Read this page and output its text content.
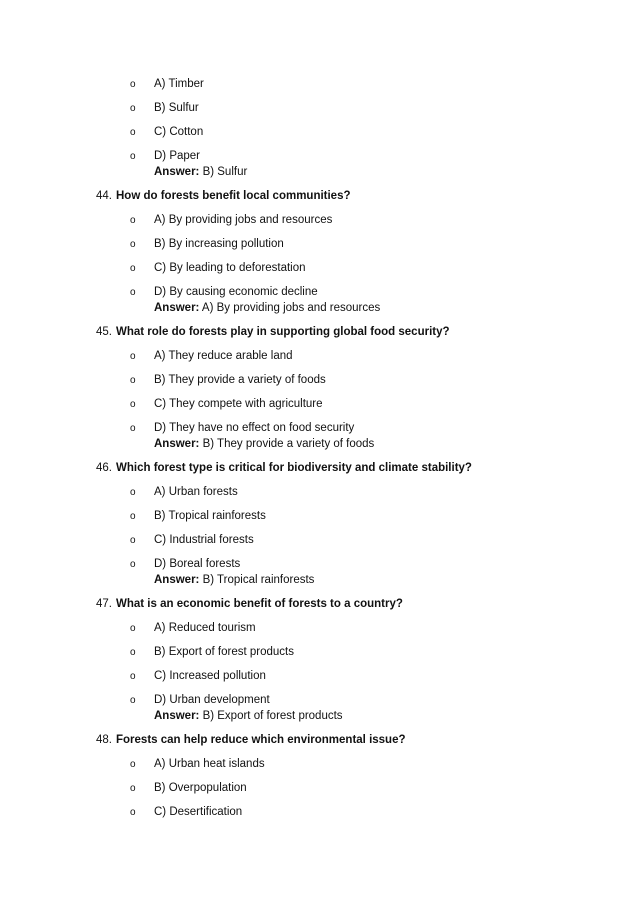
o A) Timber
o B) Sulfur
o C) Cotton
o D) Paper
Answer: B) Sulfur
44. How do forests benefit local communities?
o A) By providing jobs and resources
o B) By increasing pollution
o C) By leading to deforestation
o D) By causing economic decline
Answer: A) By providing jobs and resources
45. What role do forests play in supporting global food security?
o A) They reduce arable land
o B) They provide a variety of foods
o C) They compete with agriculture
o D) They have no effect on food security
Answer: B) They provide a variety of foods
46. Which forest type is critical for biodiversity and climate stability?
o A) Urban forests
o B) Tropical rainforests
o C) Industrial forests
o D) Boreal forests
Answer: B) Tropical rainforests
47. What is an economic benefit of forests to a country?
o A) Reduced tourism
o B) Export of forest products
o C) Increased pollution
o D) Urban development
Answer: B) Export of forest products
48. Forests can help reduce which environmental issue?
o A) Urban heat islands
o B) Overpopulation
o C) Desertification
